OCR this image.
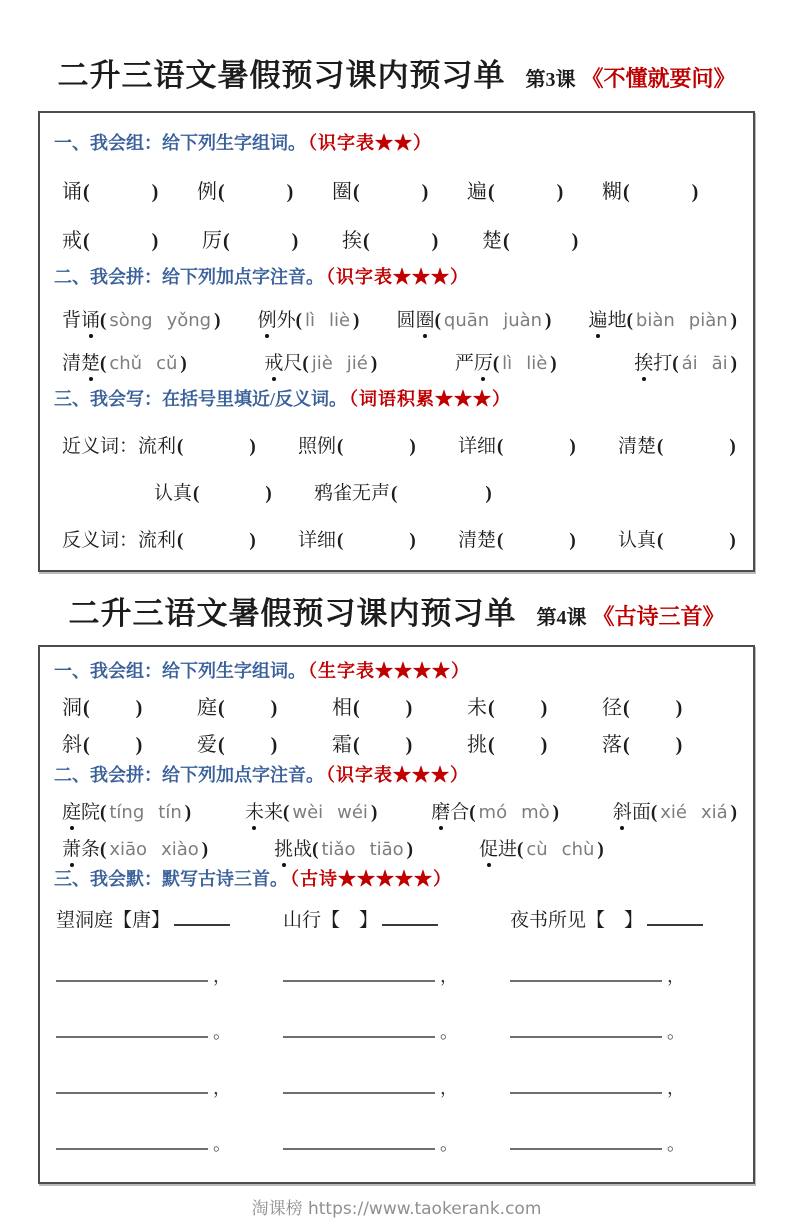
二升三语文暑假预习课内预习单 第3课 《不懂就要问》

一、我会组：给下列生字组词。 （识字表★★）

诵(	)	例(	)	圈(	)	遍(	)	糊(	)
戒(	)	厉(	)	挨(	)	楚(	)

二、我会拼：给下列加点字注音。 （识字表★★★）

背诵( sòng yǒng ) 例外( lì liè ) 圆圈( quān juàn ) 遍地( biàn piàn )
清楚( chǔ cǔ )	戒尺( jiè jié )	严厉( lì liè )	挨打( ái āi )

三、我会写：在括号里填近/反义词。 （词语积累★★★）

近义词： 流利(	)	照例(	)	详细(	)	清楚(	)
认真(	)	鸦雀无声(	)
反义词： 流利(	)	详细(	)	清楚(	)	认真(	)
二升三语文暑假预习课内预习单 第4课 《古诗三首》

一、我会组：给下列生字组词。 （生字表★★★★）

洞( )	庭( )	相( )	未( )	径( )
斜( )	爱( )	霜( )	挑( )	落( )

二、我会拼：给下列加点字注音。 （识字表★★★）

庭院( tíng tín )	未来( wèi wéi )	磨合( mó mò )	斜面( xié xiá )
萧条( xiāo xiào )	挑战( tiǎo tiāo )	促进( cù chù )

三、我会默：默写古诗三首。 （古诗★★★★★）

望洞庭【唐】	山行【　 】	夜书所见【　 】
，	，	，
。	。	。
，	，	，
。	。	。
淘课榜 https://www.taokerank.com
